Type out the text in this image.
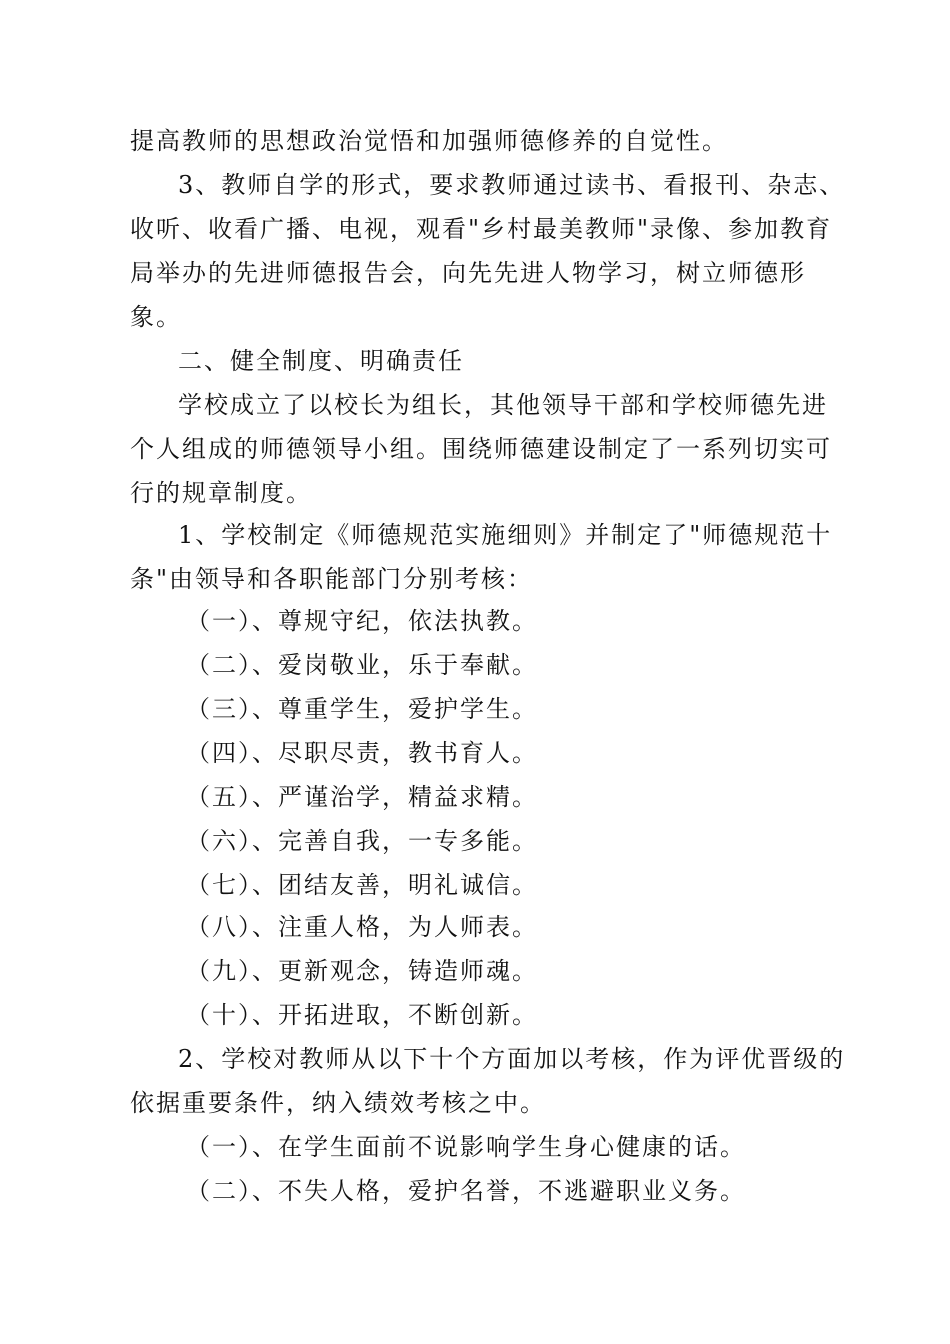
提高教师的思想政治觉悟和加强师德修养的自觉性。
3、教师自学的形式，要求教师通过读书、看报刊、杂志、
收听、收看广播、电视，观看"乡村最美教师"录像、参加教育
局举办的先进师德报告会，向先先进人物学习，树立师德形
象。
二、健全制度、明确责任
学校成立了以校长为组长，其他领导干部和学校师德先进
个人组成的师德领导小组。围绕师德建设制定了一系列切实可
行的规章制度。
1、学校制定《师德规范实施细则》并制定了"师德规范十
条"由领导和各职能部门分别考核：
（一）、尊规守纪，依法执教。
（二）、爱岗敬业，乐于奉献。
（三）、尊重学生，爱护学生。
（四）、尽职尽责，教书育人。
（五）、严谨治学，精益求精。
（六）、完善自我，一专多能。
（七）、团结友善，明礼诚信。
（八）、注重人格，为人师表。
（九）、更新观念，铸造师魂。
（十）、开拓进取，不断创新。
2、学校对教师从以下十个方面加以考核，作为评优晋级的
依据重要条件，纳入绩效考核之中。
（一）、在学生面前不说影响学生身心健康的话。
（二）、不失人格，爱护名誉，不逃避职业义务。
